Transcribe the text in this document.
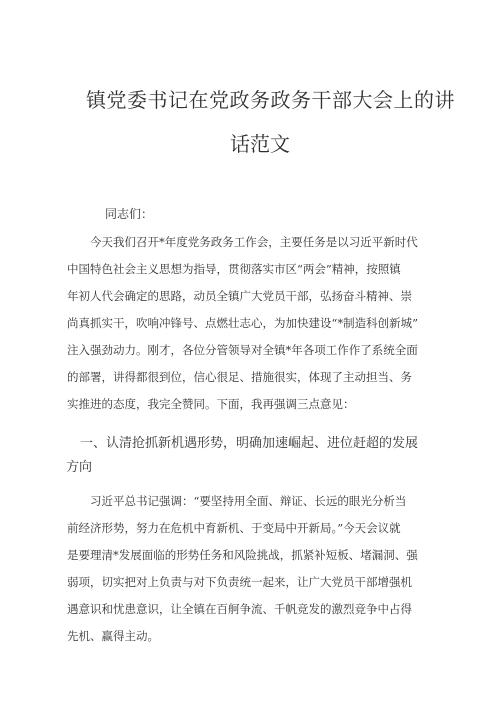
镇党委书记在党政务政务干部大会上的讲
话范文
同志们：
　　今天我们召开*年度党务政务工作会，主要任务是以习近平新时代
中国特色社会主义思想为指导，贯彻落实市区“两会”精神，按照镇
年初人代会确定的思路，动员全镇广大党员干部，弘扬奋斗精神、崇
尚真抓实干，吹响冲锋号、点燃壮志心，为加快建设“*制造科创新城”
注入强劲动力。刚才，各位分管领导对全镇*年各项工作作了系统全面
的部署，讲得都很到位，信心很足、措施很实，体现了主动担当、务
实推进的态度，我完全赞同。下面，我再强调三点意见：
一、认清抢抓新机遇形势，明确加速崛起、进位赶超的发展
方向
　　习近平总书记强调：“要坚持用全面、辩证、长远的眼光分析当
前经济形势，努力在危机中育新机、于变局中开新局。”今天会议就
是要理清*发展面临的形势任务和风险挑战，抓紧补短板、堵漏洞、强
弱项，切实把对上负责与对下负责统一起来，让广大党员干部增强机
遇意识和忧患意识，让全镇在百舸争流、千帆竞发的激烈竞争中占得
先机、赢得主动。
